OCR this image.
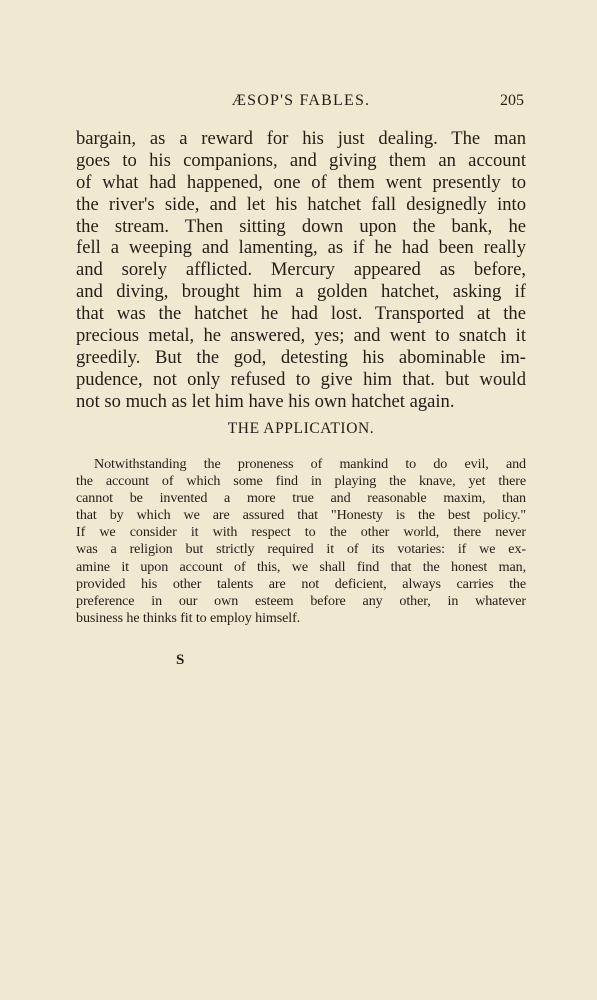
ÆSOP'S FABLES.	205
bargain, as a reward for his just dealing. The man
goes to his companions, and giving them an account
of what had happened, one of them went presently to
the river's side, and let his hatchet fall designedly into
the stream. Then sitting down upon the bank, he
fell a weeping and lamenting, as if he had been really
and sorely afflicted. Mercury appeared as before,
and diving, brought him a golden hatchet, asking if
that was the hatchet he had lost. Transported at the
precious metal, he answered, yes; and went to snatch it
greedily. But the god, detesting his abominable im-
pudence, not only refused to give him that. but would
not so much as let him have his own hatchet again.
THE APPLICATION.
Notwithstanding the proneness of mankind to do evil, and
the account of which some find in playing the knave, yet there
cannot be invented a more true and reasonable maxim, than
that by which we are assured that "Honesty is the best policy."
If we consider it with respect to the other world, there never
was a religion but strictly required it of its votaries: if we ex-
amine it upon account of this, we shall find that the honest man,
provided his other talents are not deficient, always carries the
preference in our own esteem before any other, in whatever
business he thinks fit to employ himself.
S
